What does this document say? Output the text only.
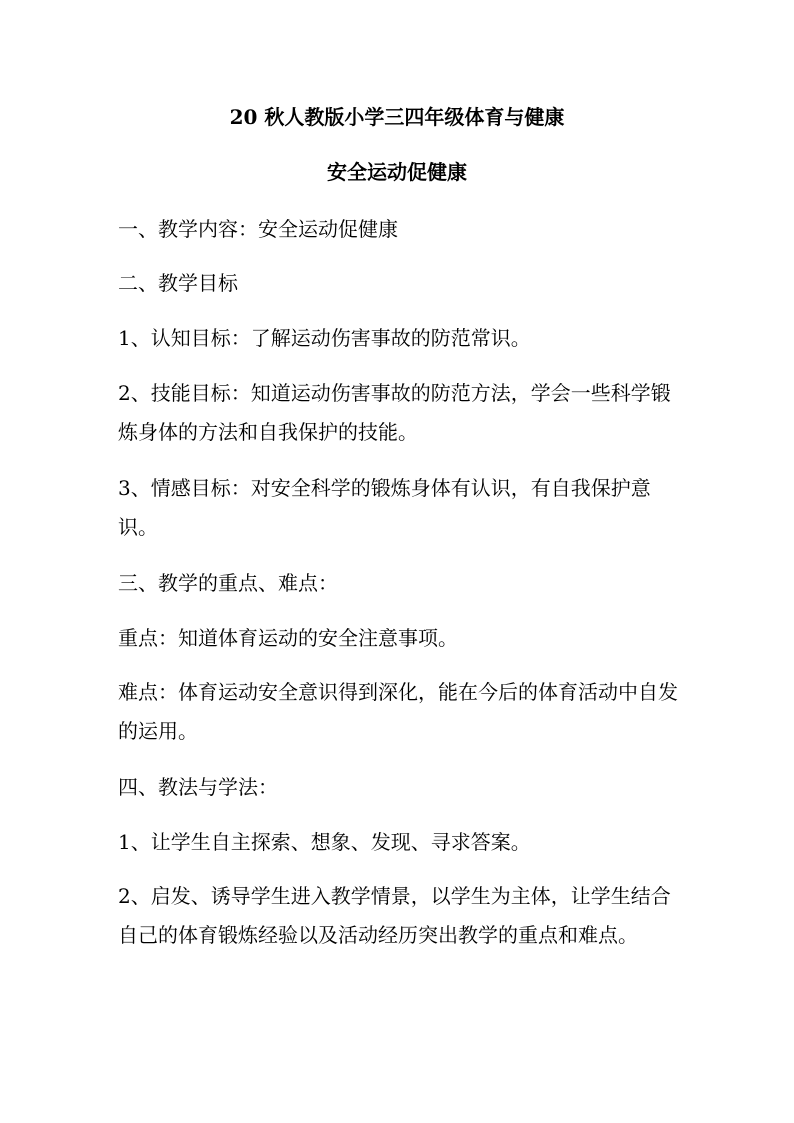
20 秋人教版小学三四年级体育与健康
安全运动促健康
一、教学内容：安全运动促健康
二、教学目标
1、认知目标：了解运动伤害事故的防范常识。
2、技能目标：知道运动伤害事故的防范方法，学会一些科学锻炼身体的方法和自我保护的技能。
3、情感目标：对安全科学的锻炼身体有认识，有自我保护意识。
三、教学的重点、难点：
重点：知道体育运动的安全注意事项。
难点：体育运动安全意识得到深化，能在今后的体育活动中自发的运用。
四、教法与学法：
1、让学生自主探索、想象、发现、寻求答案。
2、启发、诱导学生进入教学情景，以学生为主体，让学生结合自己的体育锻炼经验以及活动经历突出教学的重点和难点。
